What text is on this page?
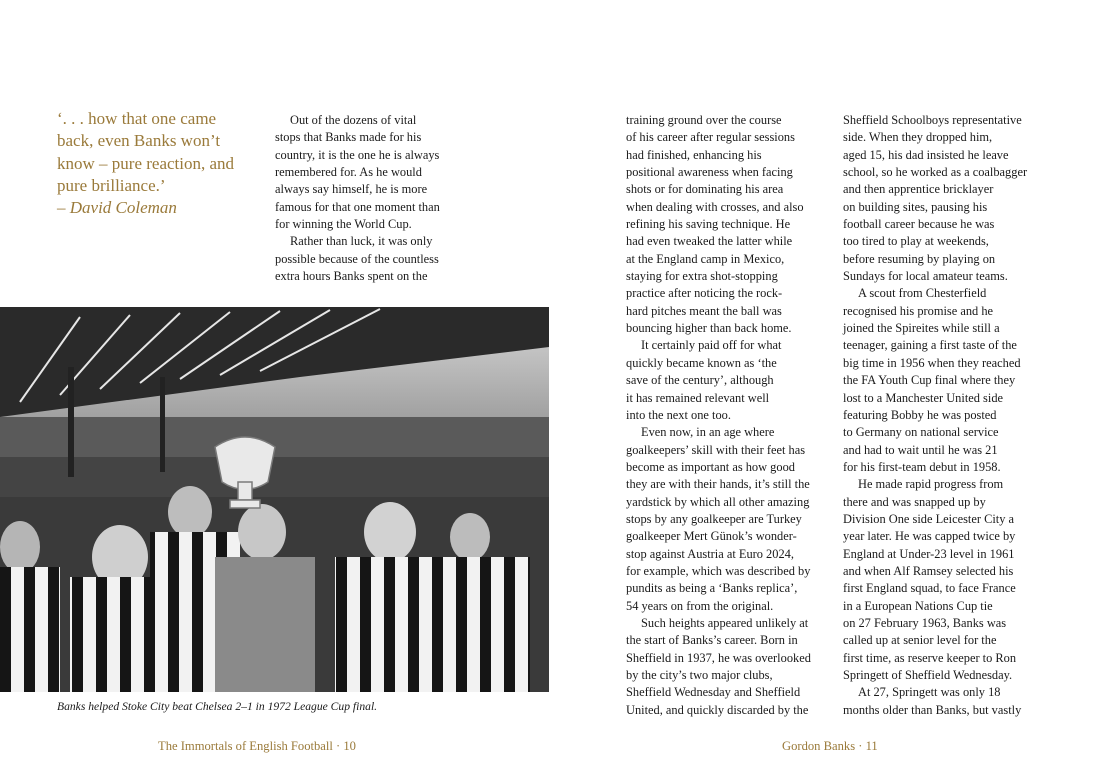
‘. . . how that one came
back, even Banks won’t
know – pure reaction, and
pure brilliance.’
– David Coleman
Out of the dozens of vital
stops that Banks made for his
country, it is the one he is always
remembered for. As he would
always say himself, he is more
famous for that one moment than
for winning the World Cup.
Rather than luck, it was only
possible because of the countless
extra hours Banks spent on the
training ground over the course
of his career after regular sessions
had finished, enhancing his
positional awareness when facing
shots or for dominating his area
when dealing with crosses, and also
refining his saving technique. He
had even tweaked the latter while
at the England camp in Mexico,
staying for extra shot-stopping
practice after noticing the rock-
hard pitches meant the ball was
bouncing higher than back home.
It certainly paid off for what
quickly became known as ‘the
save of the century’, although
it has remained relevant well
into the next one too.
Even now, in an age where
goalkeepers’ skill with their feet has
become as important as how good
they are with their hands, it’s still the
yardstick by which all other amazing
stops by any goalkeeper are Turkey
goalkeeper Mert Günok’s wonder-
stop against Austria at Euro 2024,
for example, which was described by
pundits as being a ‘Banks replica’,
54 years on from the original.
Such heights appeared unlikely at
the start of Banks’s career. Born in
Sheffield in 1937, he was overlooked
by the city’s two major clubs,
Sheffield Wednesday and Sheffield
United, and quickly discarded by the
Sheffield Schoolboys representative
side. When they dropped him,
aged 15, his dad insisted he leave
school, so he worked as a coalbagger
and then apprentice bricklayer
on building sites, pausing his
football career because he was
too tired to play at weekends,
before resuming by playing on
Sundays for local amateur teams.
A scout from Chesterfield
recognised his promise and he
joined the Spireites while still a
teenager, gaining a first taste of the
big time in 1956 when they reached
the FA Youth Cup final where they
lost to a Manchester United side
featuring Bobby he was posted
to Germany on national service
and had to wait until he was 21
for his first-team debut in 1958.
He made rapid progress from
there and was snapped up by
Division One side Leicester City a
year later. He was capped twice by
England at Under-23 level in 1961
and when Alf Ramsey selected his
first England squad, to face France
in a European Nations Cup tie
on 27 February 1963, Banks was
called up at senior level for the
first time, as reserve keeper to Ron
Springett of Sheffield Wednesday.
At 27, Springett was only 18
months older than Banks, but vastly
Banks helped Stoke City beat Chelsea 2–1 in 1972 League Cup final.
The Immortals of English Football · 10	Gordon Banks · 11
